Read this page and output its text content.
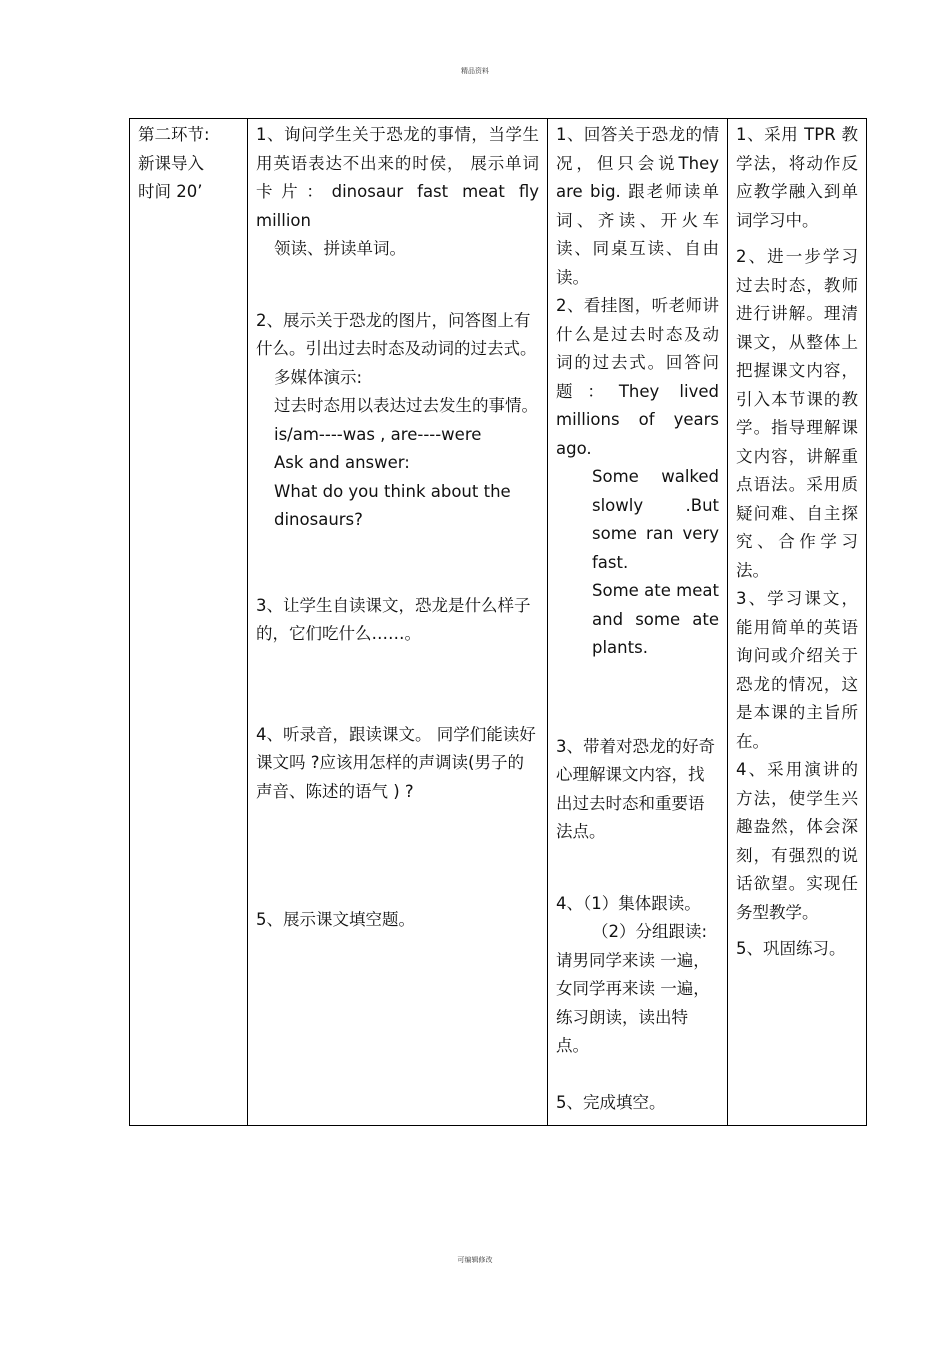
精品资料
第二环节:
新课导入
时间 20’

1、询问学生关于恐龙的事情，当学生用英语表达不出来的时侯， 展示单词卡片：dinosaur fast meat fly million
领读、拼读单词。
2、展示关于恐龙的图片，问答图上有什么。引出过去时态及动词的过去式。
多媒体演示:
过去时态用以表达过去发生的事情。
is/am----was , are----were
Ask and answer:
What do you think about the dinosaurs?
3、让学生自读课文，恐龙是什么样子的，它们吃什么……。
4、听录音，跟读课文。 同学们能读好课文吗 ?应该用怎样的声调读(男子的声音、陈述的语气 ) ?
5、展示课文填空题。

1、回答关于恐龙的情况，但只会说They are big. 跟老师读单词、齐读、开火车读、同桌互读、自由读。
2、看挂图，听老师讲什么是过去时态及动词的过去式。回答问题：They lived millions of years ago.
Some walked slowly .But some ran very fast.
Some ate meat and some ate plants.
3、带着对恐龙的好奇心理解课文内容，找出过去时态和重要语法点。
4、（1）集体跟读。
（2）分组跟读:
请男同学来读 一遍，女同学再来读 一遍，练习朗读，读出特点。
5、完成填空。

1、采用 TPR 教学法，将动作反应教学融入到单词学习中。
2、进一步学习过去时态，教师进行讲解。理清课文，从整体上把握课文内容，引入本节课的教学。指导理解课文内容，讲解重点语法。采用质疑问难、自主探究、合作学习法。
3、学习课文，能用简单的英语询问或介绍关于恐龙的情况，这是本课的主旨所在。
4、采用演讲的方法，使学生兴趣盎然，体会深刻，有强烈的说话欲望。实现任务型教学。
5、巩固练习。
可编辑修改
